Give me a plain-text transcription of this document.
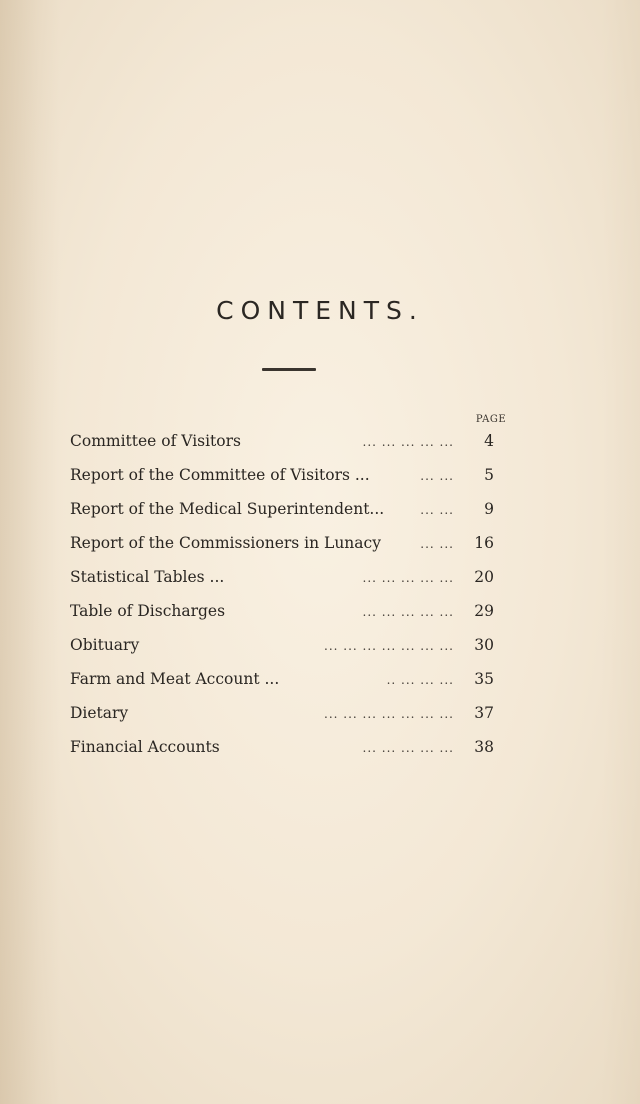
CONTENTS.
PAGE
Committee of Visitors	... ... ... ... ...	4
Report of the Committee of Visitors ...	... ...	5
Report of the Medical Superintendent...	... ...	9
Report of the Commissioners in Lunacy	... ...	16
Statistical Tables ...	... ... ... ... ...	20
Table of Discharges	... ... ... ... ...	29
Obituary	... ... ... ... ... ... ...	30
Farm and Meat Account ...	.. ... ... ...	35
Dietary	... ... ... ... ... ... ...	37
Financial Accounts	... ... ... ... ...	38
